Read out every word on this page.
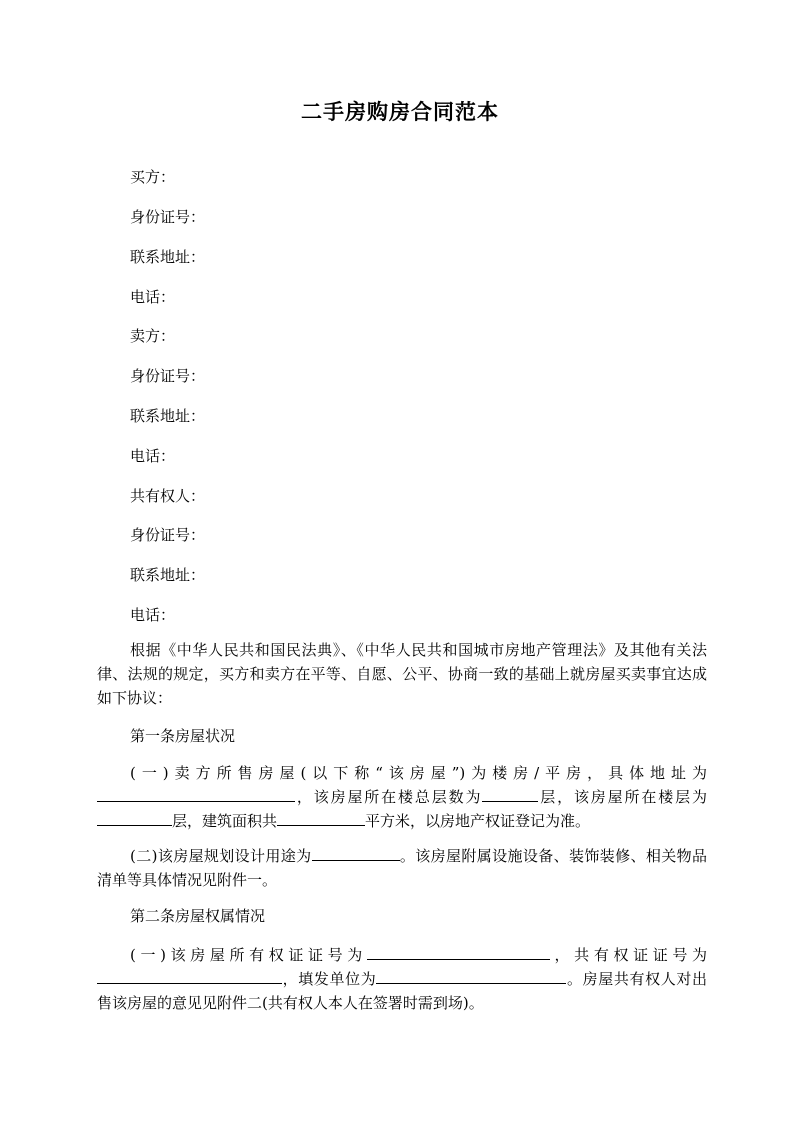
二手房购房合同范本
买方：
身份证号：
联系地址：
电话：
卖方：
身份证号：
联系地址：
电话：
共有权人：
身份证号：
联系地址：
电话：
根据《中华人民共和国民法典》、《中华人民共和国城市房地产管理法》及其他有关法律、法规的规定，买方和卖方在平等、自愿、公平、协商一致的基础上就房屋买卖事宜达成如下协议：
第一条房屋状况
(一)卖方所售房屋(以下称“该房屋”)为楼房/平房，具体地址为，该房屋所在楼总层数为	层，该房屋所在楼层为层，建筑面积共	平方米，以房地产权证登记为准。
(二)该房屋规划设计用途为	。该房屋附属设施设备、装饰装修、相关物品清单等具体情况见附件一。
第二条房屋权属情况
(一)该房屋所有权证证号为	，共有权证证号为，填发单位为	。房屋共有权人对出售该房屋的意见见附件二(共有权人本人在签署时需到场)。
